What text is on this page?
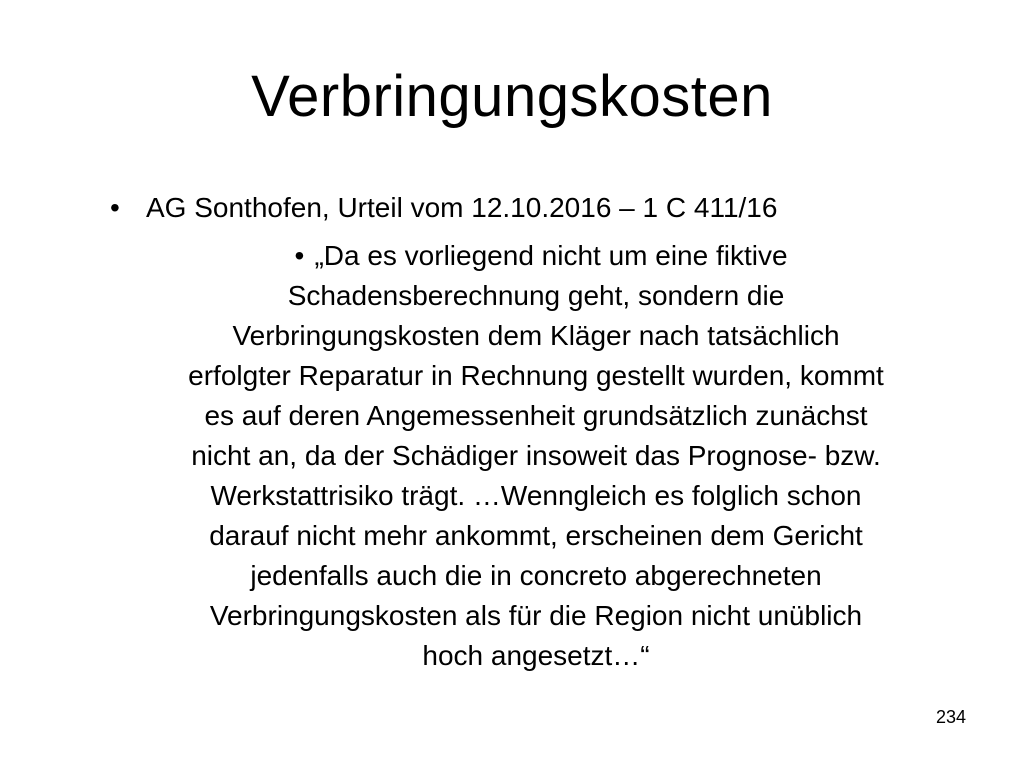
Verbringungskosten
• AG Sonthofen, Urteil vom 12.10.2016 – 1 C 411/16
• „Da es vorliegend nicht um eine fiktive
Schadensberechnung geht, sondern die
Verbringungskosten dem Kläger nach tatsächlich
erfolgter Reparatur in Rechnung gestellt wurden, kommt
es auf deren Angemessenheit grundsätzlich zunächst
nicht an, da der Schädiger insoweit das Prognose- bzw.
Werkstattrisiko trägt. …Wenngleich es folglich schon
darauf nicht mehr ankommt, erscheinen dem Gericht
jedenfalls auch die in concreto abgerechneten
Verbringungskosten als für die Region nicht unüblich
hoch angesetzt…“
234
